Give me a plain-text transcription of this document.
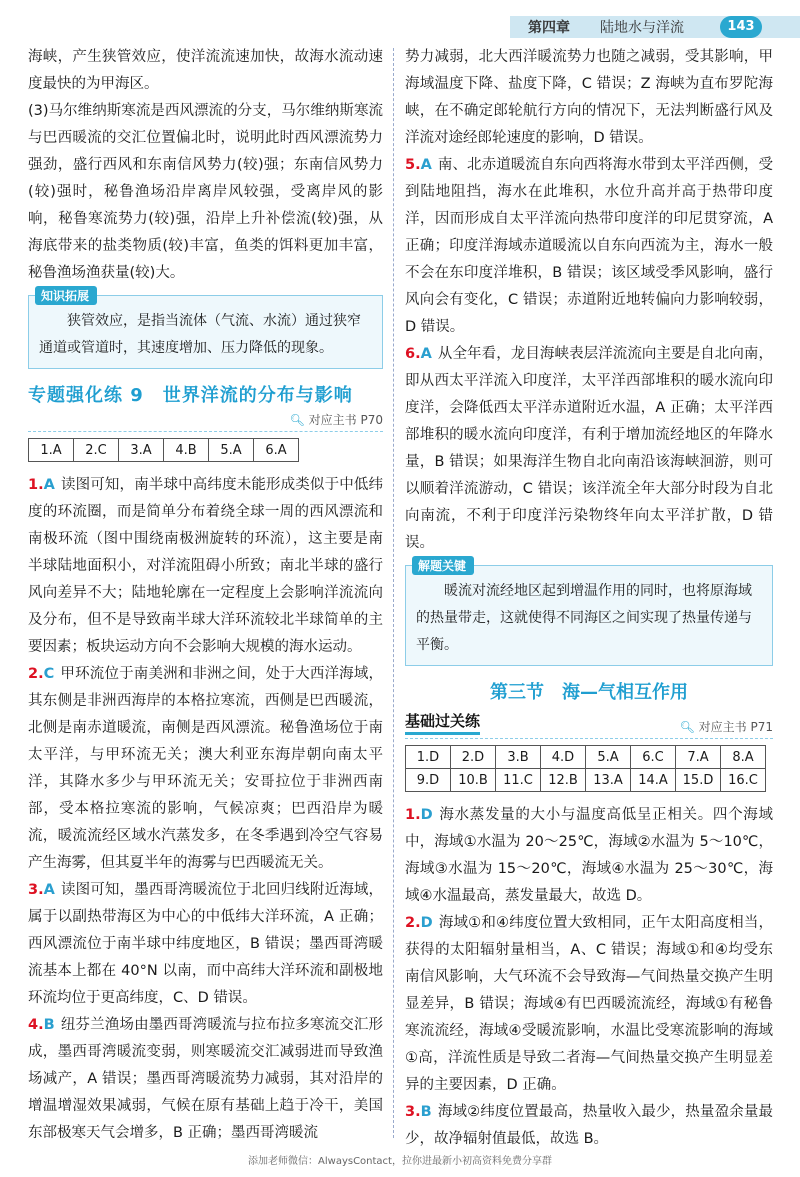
第四章 陆地水与洋流	143

海峡，产生狭管效应，使洋流流速加快，故海水流动速度最快的为甲海区。

(3)马尔维纳斯寒流是西风漂流的分支，马尔维纳斯寒流与巴西暖流的交汇位置偏北时，说明此时西风漂流势力强劲，盛行西风和东南信风势力(较)强；东南信风势力(较)强时，秘鲁渔场沿岸离岸风较强，受离岸风的影响，秘鲁寒流势力(较)强，沿岸上升补偿流(较)强，从海底带来的盐类物质(较)丰富，鱼类的饵料更加丰富，秘鲁渔场渔获量(较)大。

知识拓展

狭管效应，是指当流体（气流、水流）通过狭窄通道或管道时，其速度增加、压力降低的现象。

专题强化练 9　世界洋流的分布与影响
🔍︎ 对应主书 P70
1.A	2.C	3.A	4.B	5.A	6.A

1.A 读图可知，南半球中高纬度未能形成类似于中低纬度的环流圈，而是简单分布着绕全球一周的西风漂流和南极环流（图中围绕南极洲旋转的环流），这主要是南半球陆地面积小，对洋流阻碍小所致；南北半球的盛行风向差异不大；陆地轮廓在一定程度上会影响洋流流向及分布，但不是导致南半球大洋环流较北半球简单的主要因素；板块运动方向不会影响大规模的海水运动。

2.C 甲环流位于南美洲和非洲之间，处于大西洋海域，其东侧是非洲西海岸的本格拉寒流，西侧是巴西暖流，北侧是南赤道暖流，南侧是西风漂流。秘鲁渔场位于南太平洋，与甲环流无关；澳大利亚东海岸朝向南太平洋，其降水多少与甲环流无关；安哥拉位于非洲西南部，受本格拉寒流的影响，气候凉爽；巴西沿岸为暖流，暖流流经区域水汽蒸发多，在冬季遇到冷空气容易产生海雾，但其夏半年的海雾与巴西暖流无关。

3.A 读图可知，墨西哥湾暖流位于北回归线附近海域，属于以副热带海区为中心的中低纬大洋环流，A 正确；西风漂流位于南半球中纬度地区，B 错误；墨西哥湾暖流基本上都在 40°N 以南，而中高纬大洋环流和副极地环流均位于更高纬度，C、D 错误。

4.B 纽芬兰渔场由墨西哥湾暖流与拉布拉多寒流交汇形成，墨西哥湾暖流变弱，则寒暖流交汇减弱进而导致渔场减产，A 错误；墨西哥湾暖流势力减弱，其对沿岸的增温增湿效果减弱，气候在原有基础上趋于冷干，美国东部极寒天气会增多，B 正确；墨西哥湾暖流

势力减弱，北大西洋暖流势力也随之减弱，受其影响，甲海域温度下降、盐度下降，C 错误；Z 海峡为直布罗陀海峡，在不确定郎轮航行方向的情况下，无法判断盛行风及洋流对途经郎轮速度的影响，D 错误。

5.A 南、北赤道暖流自东向西将海水带到太平洋西侧，受到陆地阻挡，海水在此堆积，水位升高并高于热带印度洋，因而形成自太平洋流向热带印度洋的印尼贯穿流，A 正确；印度洋海域赤道暖流以自东向西流为主，海水一般不会在东印度洋堆积，B 错误；该区域受季风影响，盛行风向会有变化，C 错误；赤道附近地转偏向力影响较弱，D 错误。

6.A 从全年看，龙目海峡表层洋流流向主要是自北向南，即从西太平洋流入印度洋，太平洋西部堆积的暖水流向印度洋，会降低西太平洋赤道附近水温，A 正确；太平洋西部堆积的暖水流向印度洋，有利于增加流经地区的年降水量，B 错误；如果海洋生物自北向南沿该海峡洄游，则可以顺着洋流游动，C 错误；该洋流全年大部分时段为自北向南流，不利于印度洋污染物终年向太平洋扩散，D 错误。

解题关键

暖流对流经地区起到增温作用的同时，也将原海域的热量带走，这就使得不同海区之间实现了热量传递与平衡。

第三节　海—气相互作用
基础过关练	🔍︎ 对应主书 P71
1.D	2.D	3.B	4.D	5.A	6.C	7.A	8.A
9.D	10.B	11.C	12.B	13.A	14.A	15.D	16.C

1.D 海水蒸发量的大小与温度高低呈正相关。四个海域中，海域①水温为 20～25℃，海域②水温为 5～10℃，海域③水温为 15～20℃，海域④水温为 25～30℃，海域④水温最高，蒸发量最大，故选 D。

2.D 海域①和④纬度位置大致相同，正午太阳高度相当，获得的太阳辐射量相当，A、C 错误；海域①和④均受东南信风影响，大气环流不会导致海—气间热量交换产生明显差异，B 错误；海域④有巴西暖流流经，海域①有秘鲁寒流流经，海域④受暖流影响，水温比受寒流影响的海域①高，洋流性质是导致二者海—气间热量交换产生明显差异的主要因素，D 正确。

3.B 海域②纬度位置最高，热量收入最少，热量盈余量最少，故净辐射值最低，故选 B。

添加老师微信：AlwaysContact，拉你进最新小初高资料免费分享群
